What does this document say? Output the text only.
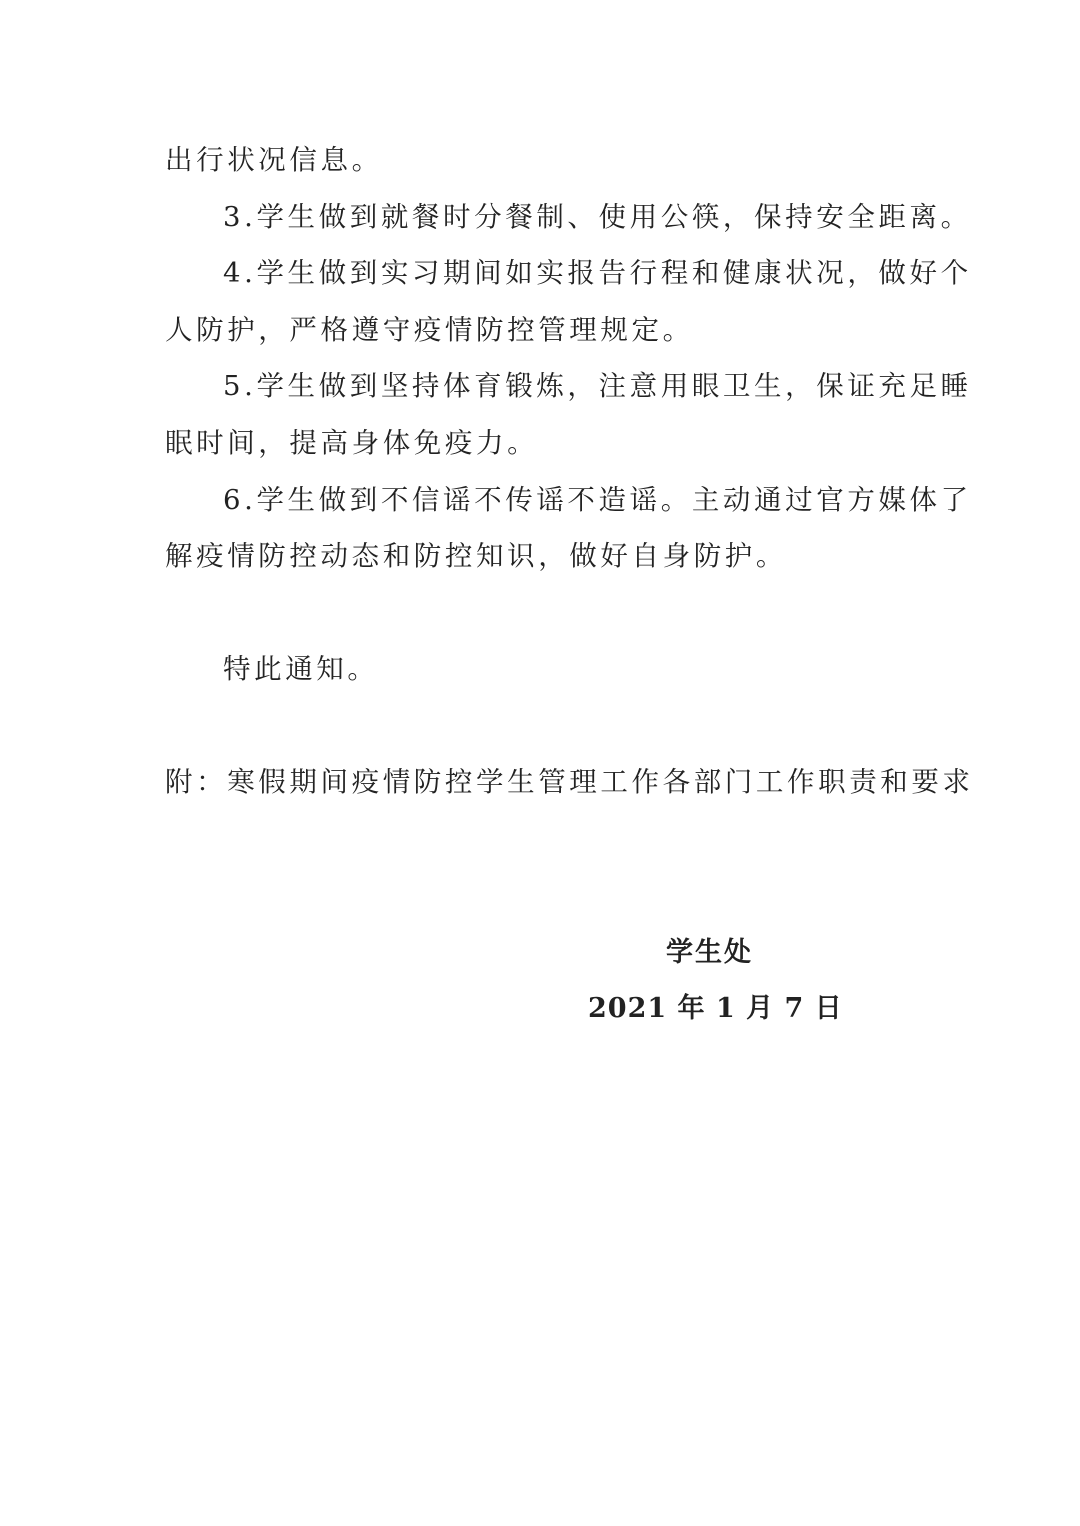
出行状况信息。
3.学生做到就餐时分餐制、使用公筷，保持安全距离。
4.学生做到实习期间如实报告行程和健康状况，做好个
人防护，严格遵守疫情防控管理规定。
5.学生做到坚持体育锻炼，注意用眼卫生，保证充足睡
眠时间，提高身体免疫力。
6.学生做到不信谣不传谣不造谣。主动通过官方媒体了
解疫情防控动态和防控知识，做好自身防护。
特此通知。
附：寒假期间疫情防控学生管理工作各部门工作职责和要求
学生处
2021 年 1 月 7 日
